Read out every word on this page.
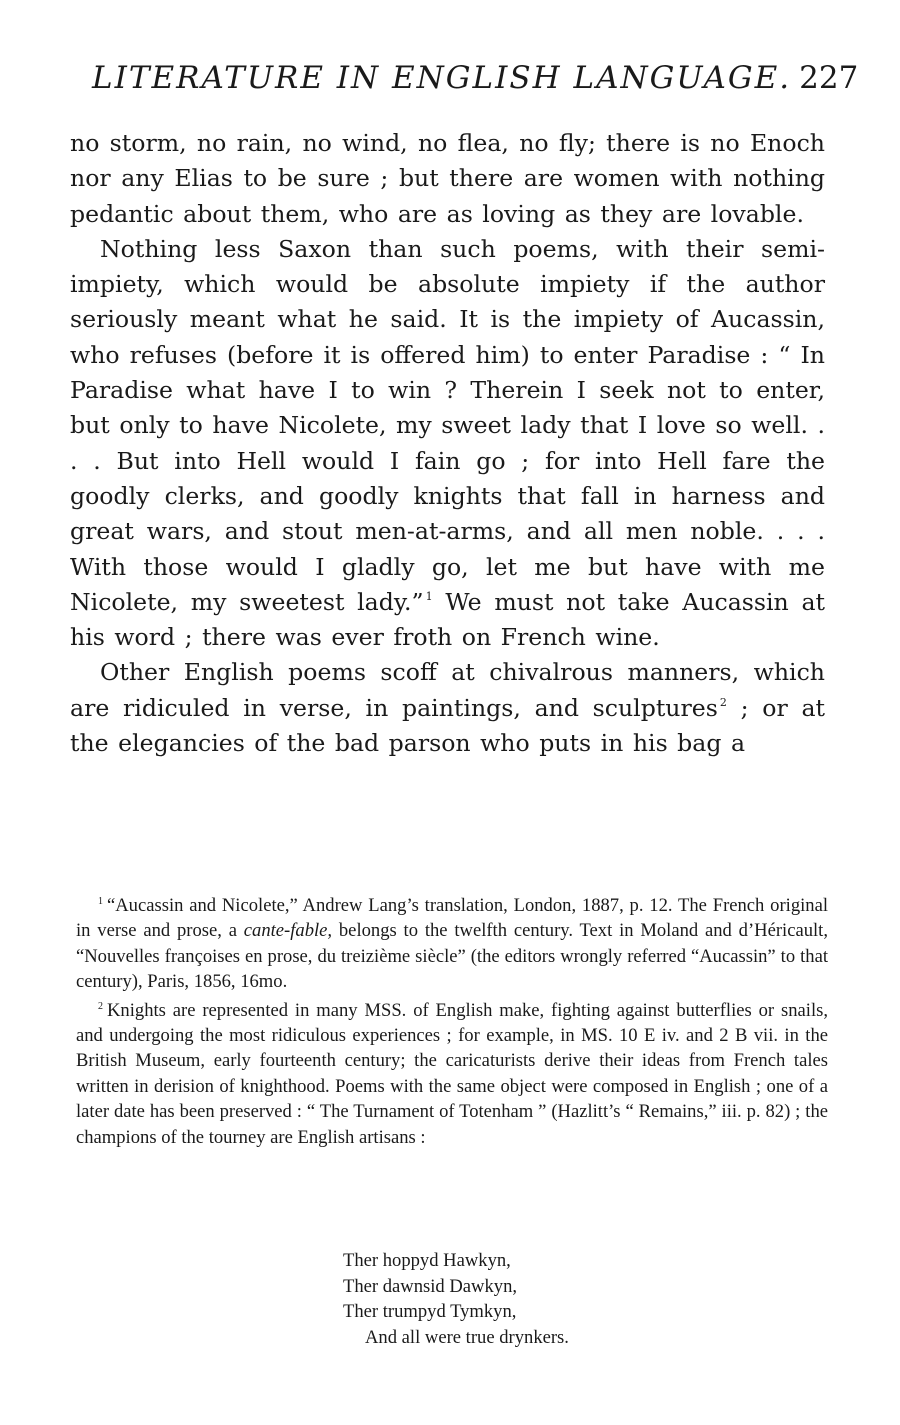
LITERATURE IN ENGLISH LANGUAGE. 227

no storm, no rain, no wind, no flea, no fly; there is no Enoch nor any Elias to be sure ; but there are women with nothing pedantic about them, who are as loving as they are lovable.

Nothing less Saxon than such poems, with their semi-impiety, which would be absolute impiety if the author seriously meant what he said. It is the impiety of Aucassin, who refuses (before it is offered him) to enter Paradise : “ In Paradise what have I to win ? Therein I seek not to enter, but only to have Nicolete, my sweet lady that I love so well. . . . But into Hell would I fain go ; for into Hell fare the goodly clerks, and goodly knights that fall in harness and great wars, and stout men-at-arms, and all men noble. . . . With those would I gladly go, let me but have with me Nicolete, my sweetest lady.” $^1$ We must not take Aucassin at his word ; there was ever froth on French wine.

Other English poems scoff at chivalrous manners, which are ridiculed in verse, in paintings, and sculptures $^2$ ; or at the elegancies of the bad parson who puts in his bag a

$^1$ “Aucassin and Nicolete,” Andrew Lang’s translation, London, 1887, p. 12. The French original in verse and prose, a cante-fable, belongs to the twelfth century. Text in Moland and d’Héricault, “Nouvelles françoises en prose, du treizième siècle” (the editors wrongly referred “Aucassin” to that century), Paris, 1856, 16mo.

$^2$ Knights are represented in many MSS. of English make, fighting against butterflies or snails, and undergoing the most ridiculous experiences ; for example, in MS. 10 E iv. and 2 B vii. in the British Museum, early fourteenth century; the caricaturists derive their ideas from French tales written in derision of knighthood. Poems with the same object were composed in English ; one of a later date has been preserved : “ The Turnament of Totenham ” (Hazlitt’s “ Remains,” iii. p. 82) ; the champions of the tourney are English artisans :

Ther hoppyd Hawkyn,
Ther dawnsid Dawkyn,
Ther trumpyd Tymkyn,
And all were true drynkers.
